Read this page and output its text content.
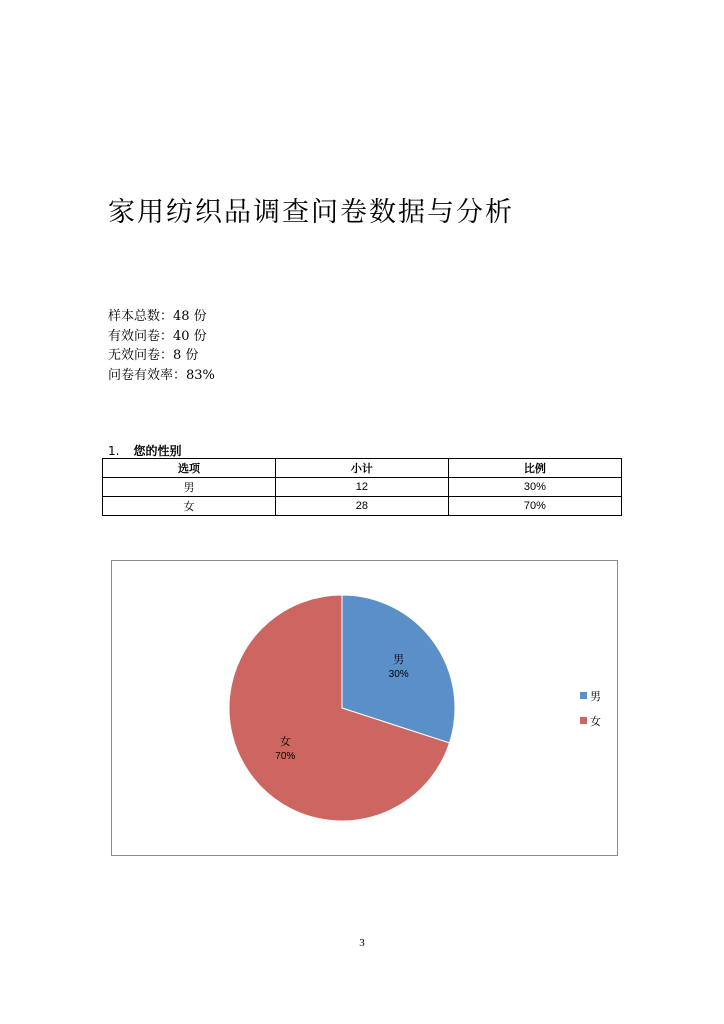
家用纺织品调查问卷数据与分析
样本总数：48 份
有效问卷：40 份
无效问卷：8 份
问卷有效率：83%
1. 您的性别
选项	小计	比例
男	12	30%
女	28	70%
男
30%
女
70%
男
女
3
